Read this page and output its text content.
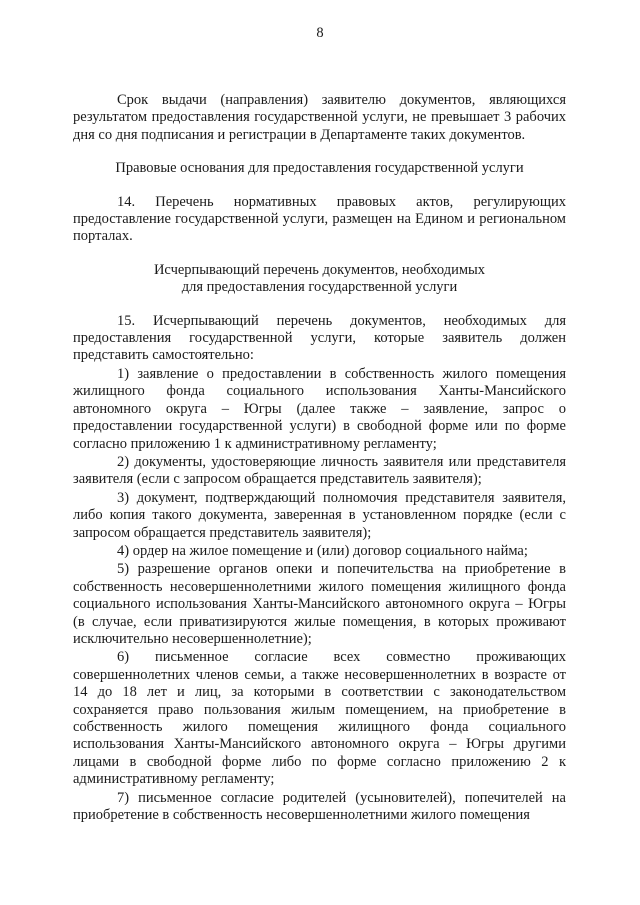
8

Срок выдачи (направления) заявителю документов, являющихся результатом предоставления государственной услуги, не превышает 3 рабочих дня со дня подписания и регистрации в Департаменте таких документов.

Правовые основания для предоставления государственной услуги

14. Перечень нормативных правовых актов, регулирующих предоставление государственной услуги, размещен на Едином и региональном порталах.

Исчерпывающий перечень документов, необходимых

для предоставления государственной услуги

15. Исчерпывающий перечень документов, необходимых для предоставления государственной услуги, которые заявитель должен представить самостоятельно:

1) заявление о предоставлении в собственность жилого помещения жилищного фонда социального использования Ханты-Мансийского автономного округа – Югры (далее также – заявление, запрос о предоставлении государственной услуги) в свободной форме или по форме согласно приложению 1 к административному регламенту;

2) документы, удостоверяющие личность заявителя или представителя заявителя (если с запросом обращается представитель заявителя);

3) документ, подтверждающий полномочия представителя заявителя, либо копия такого документа, заверенная в установленном порядке (если с запросом обращается представитель заявителя);

4) ордер на жилое помещение и (или) договор социального найма;

5) разрешение органов опеки и попечительства на приобретение в собственность несовершеннолетними жилого помещения жилищного фонда социального использования Ханты-Мансийского автономного округа – Югры (в случае, если приватизируются жилые помещения, в которых проживают исключительно несовершеннолетние);

6) письменное согласие всех совместно проживающих совершеннолетних членов семьи, а также несовершеннолетних в возрасте от 14 до 18 лет и лиц, за которыми в соответствии с законодательством сохраняется право пользования жилым помещением, на приобретение в собственность жилого помещения жилищного фонда социального использования Ханты-Мансийского автономного округа – Югры другими лицами в свободной форме либо по форме согласно приложению 2 к административному регламенту;

7) письменное согласие родителей (усыновителей), попечителей на приобретение в собственность несовершеннолетними жилого помещения
